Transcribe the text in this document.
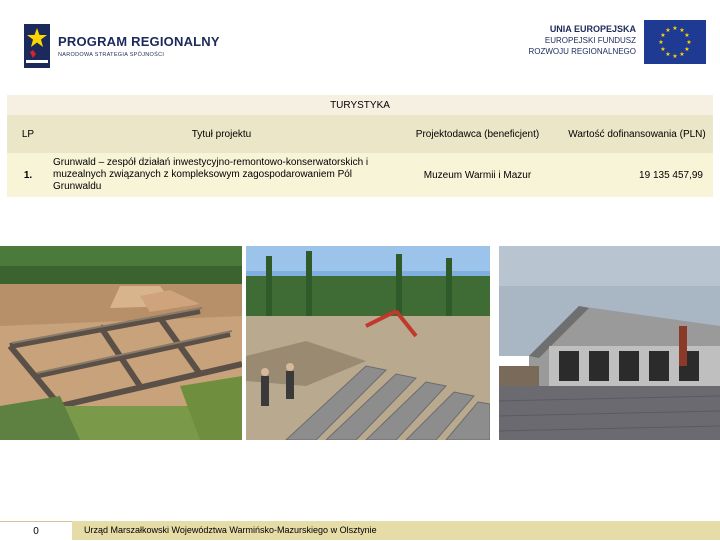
PROGRAM REGIONALNY
NARODOWA STRATEGIA SPÓJNOŚCI
UNIA EUROPEJSKA
EUROPEJSKI FUNDUSZ
ROZWOJU REGIONALNEGO
★ ★
★
★
★
★
★
★
★
★
★
★
TURYSTYKA			
LP	Tytuł projektu	Projektodawca (beneficjent)	Wartość dofinansowania (PLN)
1.	Grunwald – zespół działań inwestycyjno-remontowo-konserwatorskich i muzealnych związanych z kompleksowym zagospodarowaniem Pól Grunwaldu	Muzeum Warmii i Mazur	19 135 457,99
0	Urząd Marszałkowski Województwa Warmińsko-Mazurskiego w Olsztynie
